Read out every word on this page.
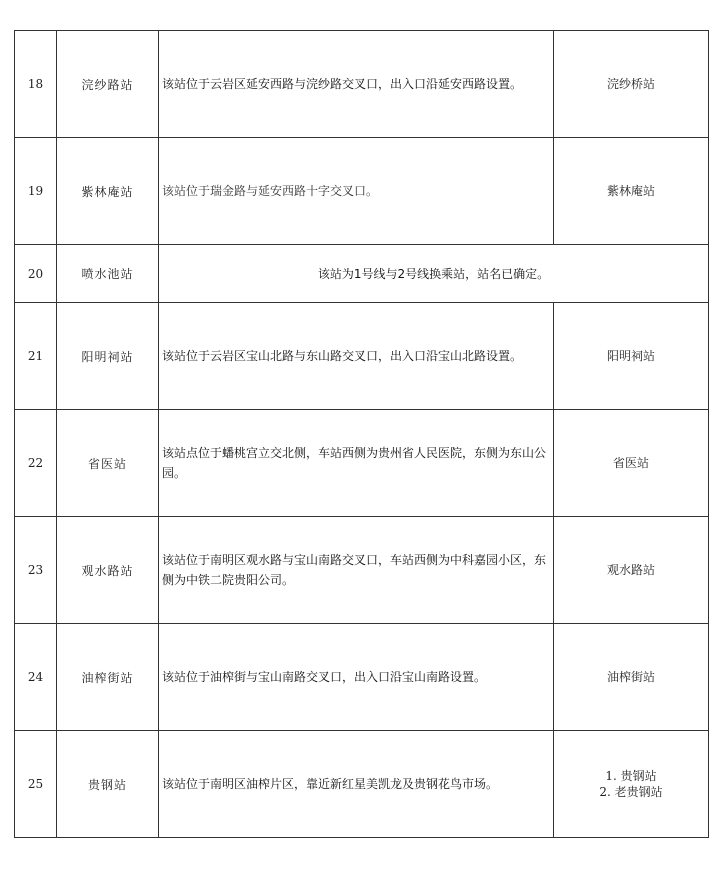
18	浣纱路站	该站位于云岩区延安西路与浣纱路交叉口，出入口沿延安西路设置。	浣纱桥站

19	紫林庵站	该站位于瑞金路与延安西路十字交叉口。	紫林庵站

20	喷水池站	该站为1号线与2号线换乘站，站名已确定。	
21	阳明祠站	该站位于云岩区宝山北路与东山路交叉口，出入口沿宝山北路设置。	阳明祠站

22	省医站	该站点位于蟠桃宫立交北侧，车站西侧为贵州省人民医院，东侧为东山公园。	省医站

23	观水路站	该站位于南明区观水路与宝山南路交叉口，车站西侧为中科嘉园小区，东侧为中铁二院贵阳公司。	观水路站

24	油榨街站	该站位于油榨街与宝山南路交叉口，出入口沿宝山南路设置。	油榨街站

25	贵钢站	该站位于南明区油榨片区，靠近新红星美凯龙及贵钢花鸟市场。	1. 贵钢站
2. 老贵钢站
